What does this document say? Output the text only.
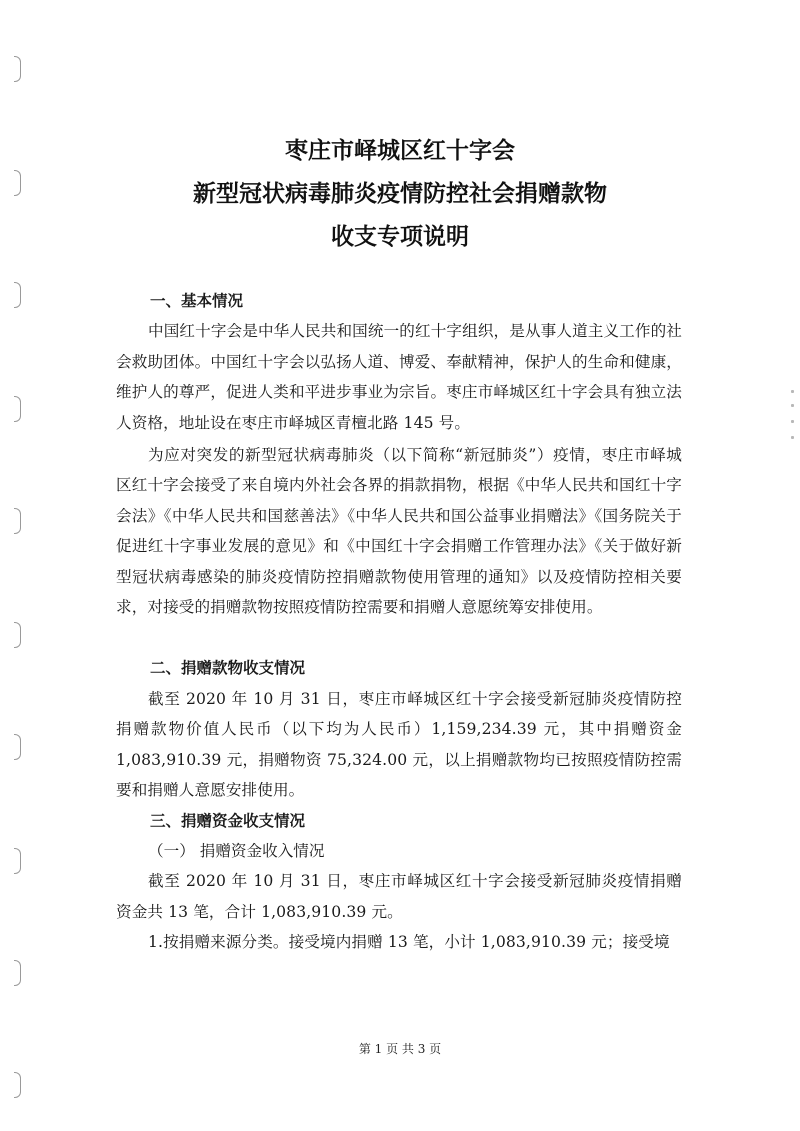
枣庄市峄城区红十字会
新型冠状病毒肺炎疫情防控社会捐赠款物
收支专项说明
一、基本情况
中国红十字会是中华人民共和国统一的红十字组织，是从事人道主义工作的社会救助团体。中国红十字会以弘扬人道、博爱、奉献精神，保护人的生命和健康，维护人的尊严，促进人类和平进步事业为宗旨。枣庄市峄城区红十字会具有独立法人资格，地址设在枣庄市峄城区青檀北路 145 号。
为应对突发的新型冠状病毒肺炎（以下简称“新冠肺炎”）疫情，枣庄市峄城区红十字会接受了来自境内外社会各界的捐款捐物，根据《中华人民共和国红十字会法》《中华人民共和国慈善法》《中华人民共和国公益事业捐赠法》《国务院关于促进红十字事业发展的意见》和《中国红十字会捐赠工作管理办法》《关于做好新型冠状病毒感染的肺炎疫情防控捐赠款物使用管理的通知》以及疫情防控相关要求，对接受的捐赠款物按照疫情防控需要和捐赠人意愿统筹安排使用。
二、捐赠款物收支情况
截至 2020 年 10 月 31 日，枣庄市峄城区红十字会接受新冠肺炎疫情防控捐赠款物价值人民币（以下均为人民币）1,159,234.39 元，其中捐赠资金1,083,910.39 元，捐赠物资 75,324.00 元，以上捐赠款物均已按照疫情防控需要和捐赠人意愿安排使用。
三、捐赠资金收支情况
（一） 捐赠资金收入情况
截至 2020 年 10 月 31 日，枣庄市峄城区红十字会接受新冠肺炎疫情捐赠资金共 13 笔，合计 1,083,910.39 元。
1.按捐赠来源分类。接受境内捐赠 13 笔，小计 1,083,910.39 元；接受境
第 1 页 共 3 页
